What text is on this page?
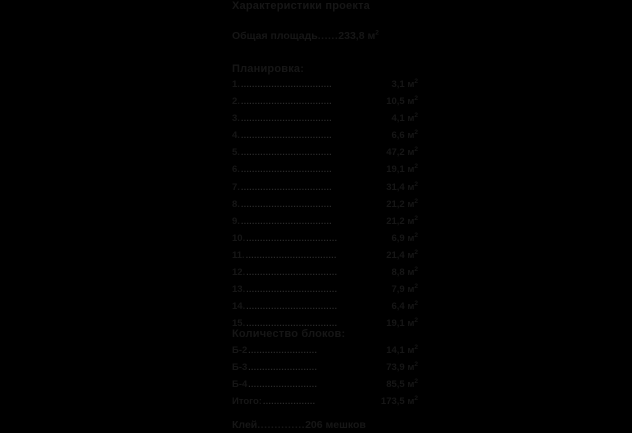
Характеристики проекта
Общая площадь......233,8 $м^2$
Планировка:
1. .................................	3,1 $м^2$
2. .................................	10,5 $м^2$
3. .................................	4,1 $м^2$
4. .................................	6,6 $м^2$
5. .................................	47,2 $м^2$
6. .................................	19,1 $м^2$
7. .................................	31,4 $м^2$
8. .................................	21,2 $м^2$
9. .................................	21,2 $м^2$
10. .................................	6,9 $м^2$
11. .................................	21,4 $м^2$
12. .................................	8,8 $м^2$
13. .................................	7,9 $м^2$
14. .................................	6,4 $м^2$
15. .................................	19,1 $м^2$
Количество блоков:
Б-2 .........................	14,1 $м^2$
Б-3 .........................	73,9 $м^2$
Б-4 .........................	85,5 $м^2$
Итого: ...................	173,5 $м^2$
Клей..............206 мешков
